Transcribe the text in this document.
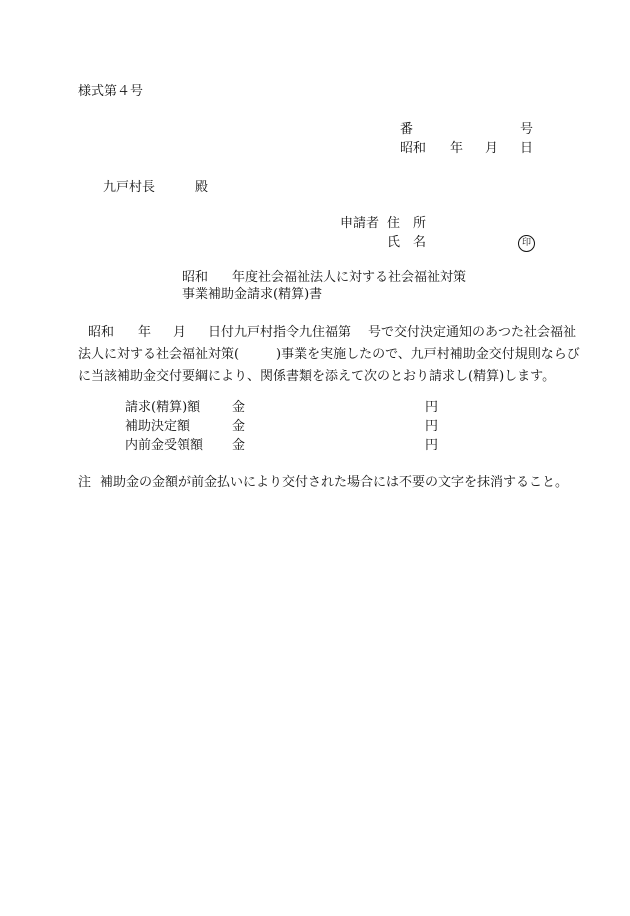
様式第４号
番	号
昭和 年 月 日
九戸村長	殿
申請者 住　所
氏　名	印
昭和 年度社会福祉法人に対する社会福祉対策
事業補助金請求(精算)書
昭和 年 月 日付九戸村指令九住福第 号で交付決定通知のあつた社会福祉
法人に対する社会福祉対策(	)事業を実施したので、九戸村補助金交付規則ならび
に当該補助金交付要綱により、関係書類を添えて次のとおり請求し(精算)します。
請求(精算)額 金	円
補助決定額	金	円
内前金受領額 金	円
注 補助金の金額が前金払いにより交付された場合には不要の文字を抹消すること。
